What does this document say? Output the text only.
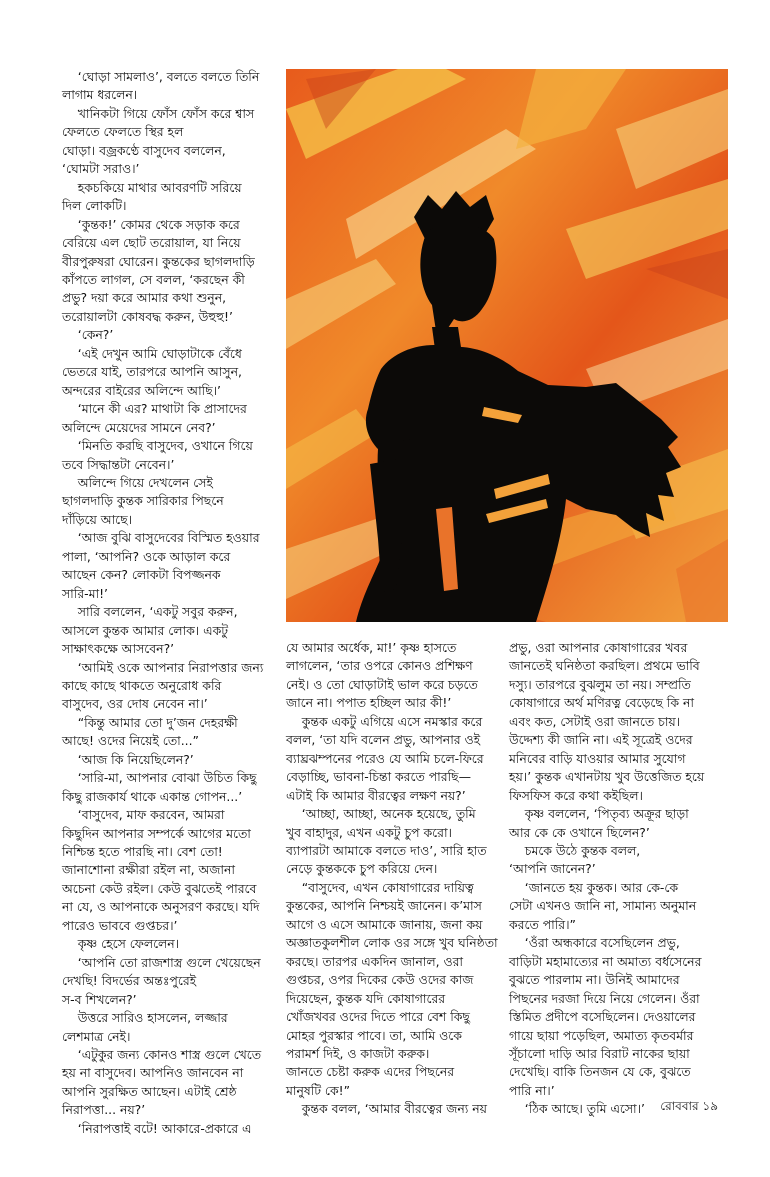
‘ঘোড়া সামলাও’, বলতে বলতে তিনি

লাগাম ধরলেন।

খানিকটা গিয়ে ফোঁস ফোঁস করে শ্বাস

ফেলতে ফেলতে স্থির হল

ঘোড়া। বজ্রকণ্ঠে বাসুদেব বললেন,

‘ঘোমটা সরাও।’

হকচকিয়ে মাথার আবরণটি সরিয়ে

দিল লোকটি।

‘কুন্তক!’ কোমর থেকে সড়াক করে

বেরিয়ে এল ছোট তরোয়াল, যা নিয়ে

বীরপুরুষরা ঘোরেন। কুন্তকের ছাগলদাড়ি

কাঁপতে লাগল, সে বলল, ‘করছেন কী

প্রভু? দয়া করে আমার কথা শুনুন,

তরোয়ালটা কোষবদ্ধ করুন, উহুহু!’

‘কেন?’

‘এই দেখুন আমি ঘোড়াটাকে বেঁধে

ভেতরে যাই, তারপরে আপনি আসুন,

অন্দরের বাইরের অলিন্দে আছি।’

‘মানে কী এর? মাথাটা কি প্রাসাদের

অলিন্দে মেয়েদের সামনে নেব?’

‘মিনতি করছি বাসুদেব, ওখানে গিয়ে

তবে সিদ্ধান্তটা নেবেন।’

অলিন্দে গিয়ে দেখলেন সেই

ছাগলদাড়ি কুন্তক সারিকার পিছনে

দাঁড়িয়ে আছে।

‘আজ বুঝি বাসুদেবের বিস্মিত হওয়ার

পালা, ‘আপনি? ওকে আড়াল করে

আছেন কেন? লোকটা বিপজ্জনক

সারি-মা!’

সারি বললেন, ‘একটু সবুর করুন,

আসলে কুন্তক আমার লোক। একটু

সাক্ষাৎকক্ষে আসবেন?’

‘আমিই ওকে আপনার নিরাপত্তার জন্য

কাছে কাছে থাকতে অনুরোধ করি

বাসুদেব, ওর দোষ নেবেন না।’

“কিন্তু আমার তো দু’জন দেহরক্ষী

আছে! ওদের নিয়েই তো...”

‘আজ কি নিয়েছিলেন?’

‘সারি-মা, আপনার বোঝা উচিত কিছু

কিছু রাজকার্য থাকে একান্ত গোপন...’

‘বাসুদেব, মাফ করবেন, আমরা

কিছুদিন আপনার সম্পর্কে আগের মতো

নিশ্চিন্ত হতে পারছি না। বেশ তো!

জানাশোনা রক্ষীরা রইল না, অজানা

অচেনা কেউ রইল। কেউ বুঝতেই পারবে

না যে, ও আপনাকে অনুসরণ করছে। যদি

পারেও ভাববে গুপ্তচর।’

কৃষ্ণ হেসে ফেললেন।

‘আপনি তো রাজশাস্ত্র গুলে খেয়েছেন

দেখছি! বিদর্ভের অন্তঃপুরেই

স-ব শিখলেন?’

উত্তরে সারিও হাসলেন, লজ্জার

লেশমাত্র নেই।

‘এটুকুর জন্য কোনও শাস্ত্র গুলে খেতে

হয় না বাসুদেব। আপনিও জানবেন না

আপনি সুরক্ষিত আছেন। এটাই শ্রেষ্ঠ

নিরাপত্তা... নয়?’

‘নিরাপত্তাই বটে! আকারে-প্রকারে এ

যে আমার অর্ধেক, মা!’ কৃষ্ণ হাসতে

লাগলেন, ‘তার ওপরে কোনও প্রশিক্ষণ

নেই। ও তো ঘোড়াটাই ভাল করে চড়তে

জানে না। পপাত হচ্ছিল আর কী!’

কুন্তক একটু এগিয়ে এসে নমস্কার করে

বলল, ‘তা যদি বলেন প্রভু, আপনার ওই

ব্যাঘ্রঝম্পনের পরেও যে আমি চলে-ফিরে

বেড়াচ্ছি, ভাবনা-চিন্তা করতে পারছি—

এটাই কি আমার বীরত্বের লক্ষণ নয়?’

‘আচ্ছা, আচ্ছা, অনেক হয়েছে, তুমি

খুব বাহাদুর, এখন একটু চুপ করো।

ব্যাপারটা আমাকে বলতে দাও’, সারি হাত

নেড়ে কুন্তককে চুপ করিয়ে দেন।

“বাসুদেব, এখন কোষাগারের দায়িত্ব

কুন্তকের, আপনি নিশ্চয়ই জানেন। ক’মাস

আগে ও এসে আমাকে জানায়, জনা কয়

অজ্ঞাতকুলশীল লোক ওর সঙ্গে খুব ঘনিষ্ঠতা

করছে। তারপর একদিন জানাল, ওরা

গুপ্তচর, ওপর দিকের কেউ ওদের কাজ

দিয়েছেন, কুন্তক যদি কোষাগারের

খোঁজখবর ওদের দিতে পারে বেশ কিছু

মোহর পুরস্কার পাবে। তা, আমি ওকে

পরামর্শ দিই, ও কাজটা করুক।

জানতে চেষ্টা করুক এদের পিছনের

মানুষটি কে!”

কুন্তক বলল, ‘আমার বীরত্বের জন্য নয়

প্রভু, ওরা আপনার কোষাগারের খবর

জানতেই ঘনিষ্ঠতা করছিল। প্রথমে ভাবি

দস্যু। তারপরে বুঝলুম তা নয়। সম্প্রতি

কোষাগারে অর্থ মণিরত্ন বেড়েছে কি না

এবং কত, সেটাই ওরা জানতে চায়।

উদ্দেশ্য কী জানি না। এই সূত্রেই ওদের

মনিবের বাড়ি যাওয়ার আমার সুযোগ

হয়।’ কুন্তক এখানটায় খুব উত্তেজিত হয়ে

ফিসফিস করে কথা কইছিল।

কৃষ্ণ বললেন, ‘পিতৃব্য অক্রূর ছাড়া

আর কে কে ওখানে ছিলেন?’

চমকে উঠে কুন্তক বলল,

‘আপনি জানেন?’

‘জানতে হয় কুন্তক। আর কে-কে

সেটা এখনও জানি না, সামান্য অনুমান

করতে পারি।”

‘ওঁরা অন্ধকারে বসেছিলেন প্রভু,

বাড়িটা মহামাত্যের না অমাত্য বর্ধসেনের

বুঝতে পারলাম না। উনিই আমাদের

পিছনের দরজা দিয়ে নিয়ে গেলেন। ওঁরা

স্তিমিত প্রদীপে বসেছিলেন। দেওয়ালের

গায়ে ছায়া পড়েছিল, অমাত্য কৃতবর্মার

সূঁচালো দাড়ি আর বিরাট নাকের ছায়া

দেখেছি। বাকি তিনজন যে কে, বুঝতে

পারি না।’

‘ঠিক আছে। তুমি এসো।’	রোববার ১৯
